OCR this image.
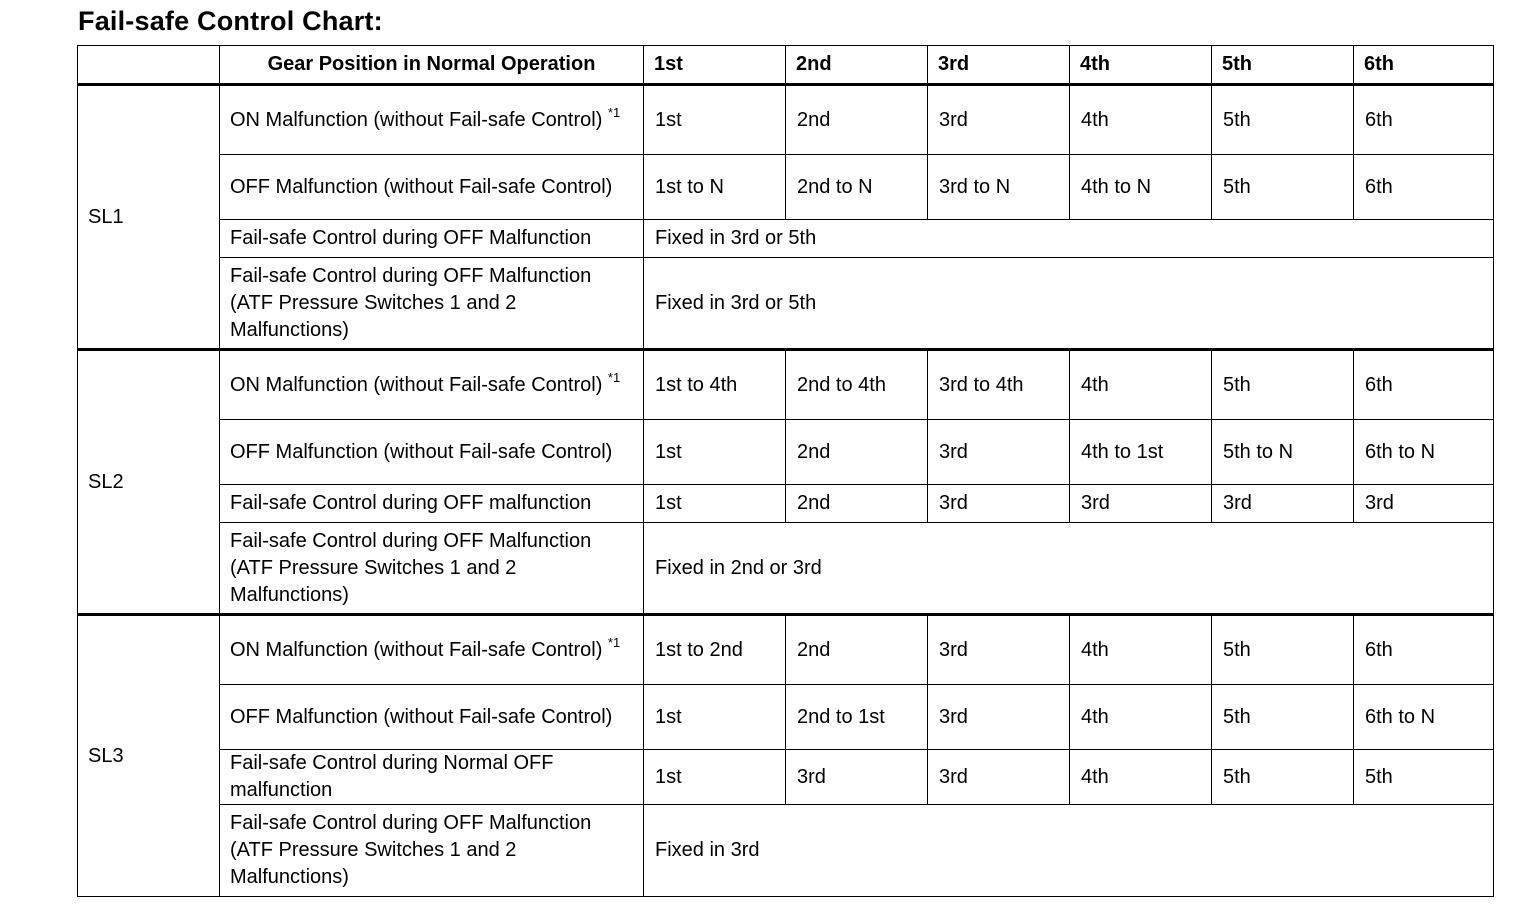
Fail-safe Control Chart:
	Gear Position in Normal Operation	1st	2nd	3rd	4th	5th	6th
SL1	ON Malfunction (without Fail-safe Control) $^{*1}$	1st	2nd	3rd	4th	5th	6th
	OFF Malfunction (without Fail-safe Control)	1st to N	2nd to N	3rd to N	4th to N	5th	6th
	Fail-safe Control during OFF Malfunction	Fixed in 3rd or 5th					
	Fail-safe Control during OFF Malfunction (ATF Pressure Switches 1 and 2 Malfunctions)	Fixed in 3rd or 5th					
SL2	ON Malfunction (without Fail-safe Control) $^{*1}$	1st to 4th	2nd to 4th	3rd to 4th	4th	5th	6th
	OFF Malfunction (without Fail-safe Control)	1st	2nd	3rd	4th to 1st	5th to N	6th to N
	Fail-safe Control during OFF malfunction	1st	2nd	3rd	3rd	3rd	3rd
	Fail-safe Control during OFF Malfunction (ATF Pressure Switches 1 and 2 Malfunctions)	Fixed in 2nd or 3rd					
SL3	ON Malfunction (without Fail-safe Control) $^{*1}$	1st to 2nd	2nd	3rd	4th	5th	6th
	OFF Malfunction (without Fail-safe Control)	1st	2nd to 1st	3rd	4th	5th	6th to N
	Fail-safe Control during Normal OFF malfunction	1st	3rd	3rd	4th	5th	5th
	Fail-safe Control during OFF Malfunction (ATF Pressure Switches 1 and 2 Malfunctions)	Fixed in 3rd					
